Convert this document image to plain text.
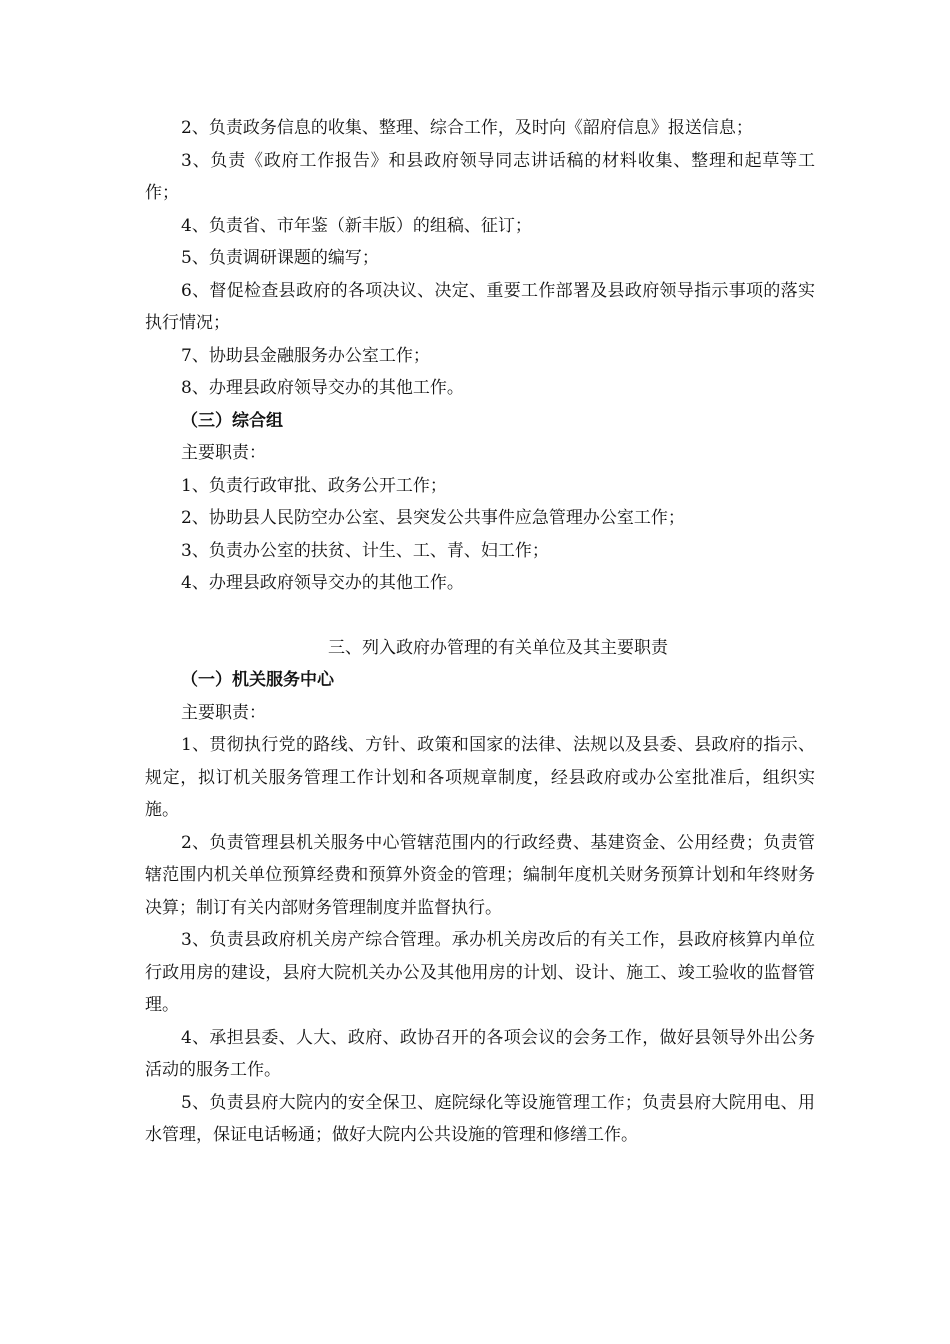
2、负责政务信息的收集、整理、综合工作，及时向《韶府信息》报送信息；

3、负责《政府工作报告》和县政府领导同志讲话稿的材料收集、整理和起草等工作；

4、负责省、市年鉴（新丰版）的组稿、征订；

5、负责调研课题的编写；

6、督促检查县政府的各项决议、决定、重要工作部署及县政府领导指示事项的落实执行情况；

7、协助县金融服务办公室工作；

8、办理县政府领导交办的其他工作。

（三）综合组

主要职责：

1、负责行政审批、政务公开工作；

2、协助县人民防空办公室、县突发公共事件应急管理办公室工作；

3、负责办公室的扶贫、计生、工、青、妇工作；

4、办理县政府领导交办的其他工作。

三、列入政府办管理的有关单位及其主要职责

（一）机关服务中心

主要职责：

1、贯彻执行党的路线、方针、政策和国家的法律、法规以及县委、县政府的指示、规定，拟订机关服务管理工作计划和各项规章制度，经县政府或办公室批准后，组织实施。

2、负责管理县机关服务中心管辖范围内的行政经费、基建资金、公用经费；负责管辖范围内机关单位预算经费和预算外资金的管理；编制年度机关财务预算计划和年终财务决算；制订有关内部财务管理制度并监督执行。

3、负责县政府机关房产综合管理。承办机关房改后的有关工作，县政府核算内单位行政用房的建设，县府大院机关办公及其他用房的计划、设计、施工、竣工验收的监督管理。

4、承担县委、人大、政府、政协召开的各项会议的会务工作，做好县领导外出公务活动的服务工作。

5、负责县府大院内的安全保卫、庭院绿化等设施管理工作；负责县府大院用电、用水管理，保证电话畅通；做好大院内公共设施的管理和修缮工作。
